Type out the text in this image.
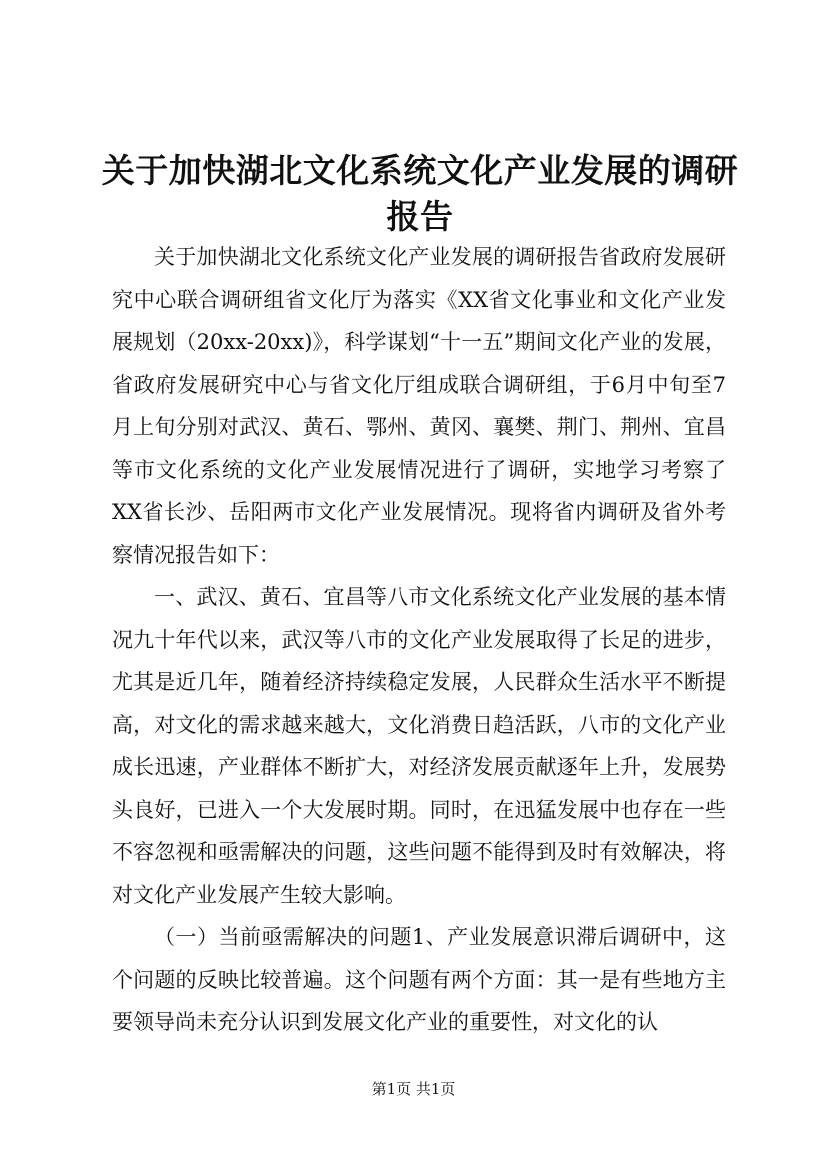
关于加快湖北文化系统文化产业发展的调研报告

关于加快湖北文化系统文化产业发展的调研报告省政府发展研究中心联合调研组省文化厅为落实《XX省文化事业和文化产业发展规划（20xx-20xx)》，科学谋划“十一五”期间文化产业的发展，省政府发展研究中心与省文化厅组成联合调研组，于6月中旬至7月上旬分别对武汉、黄石、鄂州、黄冈、襄樊、荆门、荆州、宜昌等市文化系统的文化产业发展情况进行了调研，实地学习考察了XX省长沙、岳阳两市文化产业发展情况。现将省内调研及省外考察情况报告如下：

一、武汉、黄石、宜昌等八市文化系统文化产业发展的基本情况九十年代以来，武汉等八市的文化产业发展取得了长足的进步，尤其是近几年，随着经济持续稳定发展，人民群众生活水平不断提高，对文化的需求越来越大，文化消费日趋活跃，八市的文化产业成长迅速，产业群体不断扩大，对经济发展贡献逐年上升，发展势头良好，已进入一个大发展时期。同时，在迅猛发展中也存在一些不容忽视和亟需解决的问题，这些问题不能得到及时有效解决，将对文化产业发展产生较大影响。

（一）当前亟需解决的问题1、产业发展意识滞后调研中，这个问题的反映比较普遍。这个问题有两个方面：其一是有些地方主要领导尚未充分认识到发展文化产业的重要性，对文化的认

第1页 共1页
